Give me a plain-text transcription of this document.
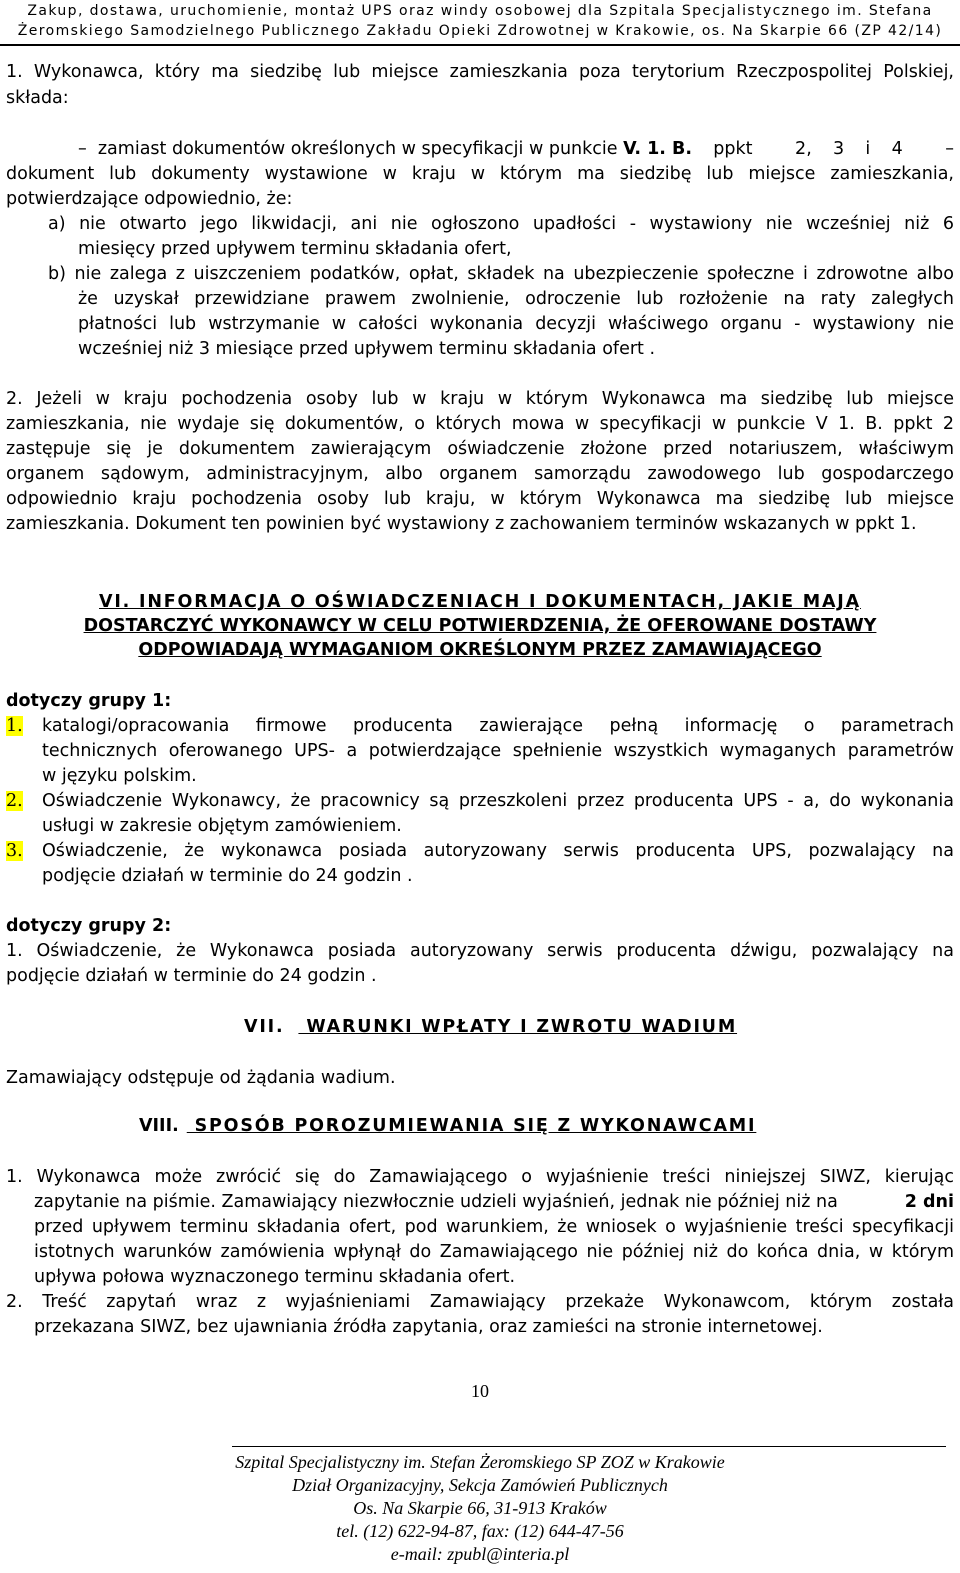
Zakup, dostawa, uruchomienie, montaż UPS oraz windy osobowej dla Szpitala Specjalistycznego im. Stefana
Żeromskiego Samodzielnego Publicznego Zakładu Opieki Zdrowotnej w Krakowie, os. Na Skarpie 66 (ZP 42/14)
1. Wykonawca, który ma siedzibę lub miejsce zamieszkania poza terytorium Rzeczpospolitej Polskiej,
składa:
–  zamiast dokumentów określonych w specyfikacji w punkcie V. 1. B. ppkt  2, 3 i 4  –
dokument lub dokumenty wystawione w kraju w którym ma siedzibę lub miejsce zamieszkania,
potwierdzające odpowiednio, że:
a) nie otwarto jego likwidacji, ani nie ogłoszono upadłości - wystawiony nie wcześniej niż 6
miesięcy przed upływem terminu składania ofert,
b) nie zalega z uiszczeniem podatków, opłat, składek na ubezpieczenie społeczne i zdrowotne albo
że uzyskał przewidziane prawem zwolnienie, odroczenie lub rozłożenie na raty zaległych
płatności lub wstrzymanie w całości wykonania decyzji właściwego organu - wystawiony nie
wcześniej niż 3 miesiące przed upływem terminu składania ofert .
2. Jeżeli w kraju pochodzenia osoby lub w kraju w którym Wykonawca ma siedzibę lub miejsce
zamieszkania, nie wydaje się dokumentów, o których mowa w specyfikacji w punkcie V 1. B. ppkt 2
zastępuje się je dokumentem zawierającym oświadczenie złożone przed notariuszem, właściwym
organem sądowym, administracyjnym, albo organem samorządu zawodowego lub gospodarczego
odpowiednio kraju pochodzenia osoby lub kraju, w którym Wykonawca ma siedzibę lub miejsce
zamieszkania. Dokument ten powinien być wystawiony z zachowaniem terminów wskazanych w ppkt 1.
VI. INFORMACJA O OŚWIADCZENIACH I DOKUMENTACH, JAKIE MAJĄ
DOSTARCZYĆ WYKONAWCY W CELU POTWIERDZENIA, ŻE OFEROWANE DOSTAWY
ODPOWIADAJĄ WYMAGANIOM OKREŚLONYM PRZEZ ZAMAWIAJĄCEGO
dotyczy grupy 1:
1. katalogi/opracowania firmowe producenta zawierające pełną informację o parametrach
technicznych oferowanego UPS- a potwierdzające spełnienie wszystkich wymaganych parametrów
w języku polskim.
2. Oświadczenie Wykonawcy, że pracownicy są przeszkoleni przez producenta UPS - a, do wykonania
usługi w zakresie objętym zamówieniem.
3. Oświadczenie, że wykonawca posiada autoryzowany serwis producenta UPS, pozwalający na
podjęcie działań w terminie do 24 godzin .
dotyczy grupy 2:
1. Oświadczenie, że Wykonawca posiada autoryzowany serwis producenta dźwigu, pozwalający na
podjęcie działań w terminie do 24 godzin .
VII. WARUNKI WPŁATY I ZWROTU WADIUM
Zamawiający odstępuje od żądania wadium.
VIII. SPOSÓB POROZUMIEWANIA SIĘ Z WYKONAWCAMI
1. Wykonawca może zwrócić się do Zamawiającego o wyjaśnienie treści niniejszej SIWZ, kierując
zapytanie na piśmie. Zamawiający niezwłocznie udzieli wyjaśnień, jednak nie później niż na	2 dni
przed upływem terminu składania ofert, pod warunkiem, że wniosek o wyjaśnienie treści specyfikacji
istotnych warunków zamówienia wpłynął do Zamawiającego nie później niż do końca dnia, w którym
upływa połowa wyznaczonego terminu składania ofert.
2. Treść zapytań wraz z wyjaśnieniami Zamawiający przekaże Wykonawcom, którym została
przekazana SIWZ, bez ujawniania źródła zapytania, oraz zamieści na stronie internetowej.
10
Szpital Specjalistyczny im. Stefan Żeromskiego SP ZOZ w Krakowie
Dział Organizacyjny, Sekcja Zamówień Publicznych
Os. Na Skarpie 66, 31-913 Kraków
tel. (12) 622-94-87, fax: (12) 644-47-56
e-mail: zpubl@interia.pl
